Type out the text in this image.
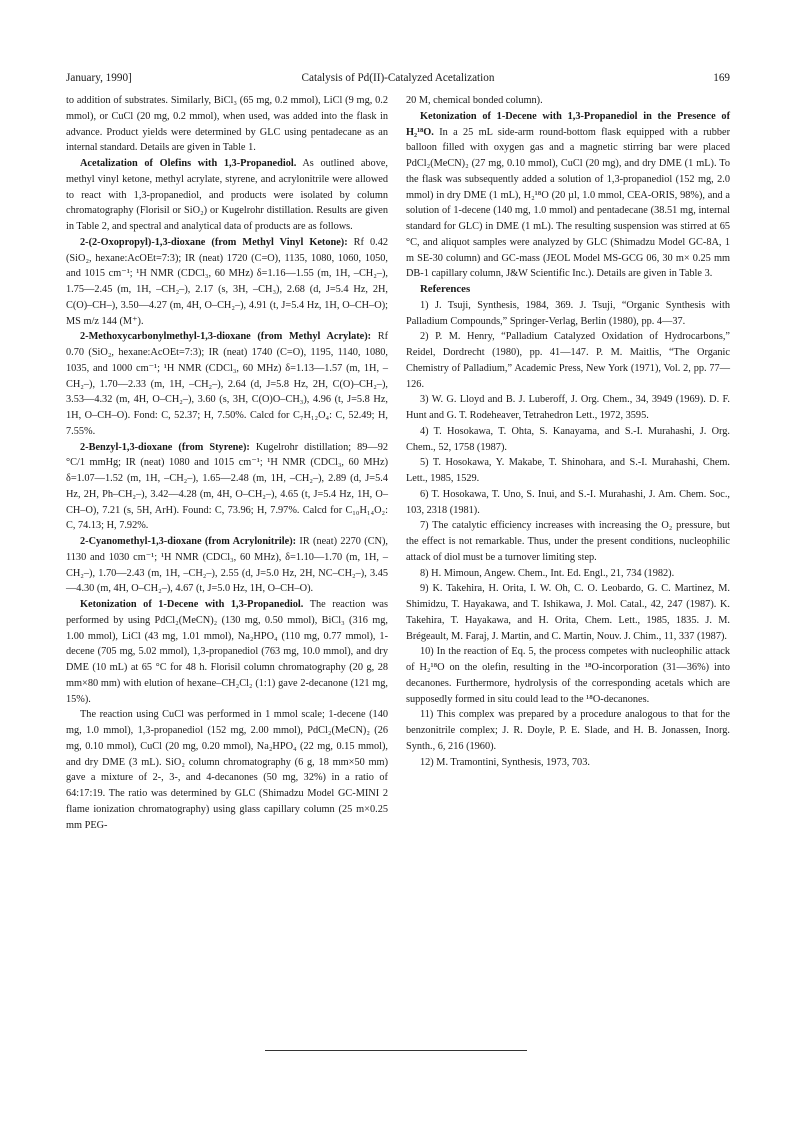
January, 1990]	Catalysis of Pd(II)-Catalyzed Acetalization	169

to addition of substrates. Similarly, BiCl₃ (65 mg, 0.2 mmol), LiCl (9 mg, 0.2 mmol), or CuCl (20 mg, 0.2 mmol), when used, was added into the flask in advance. Product yields were determined by GLC using pentadecane as an internal standard. Details are given in Table 1.

Acetalization of Olefins with 1,3-Propanediol. As outlined above, methyl vinyl ketone, methyl acrylate, styrene, and acrylonitrile were allowed to react with 1,3-propanediol, and products were isolated by column chromatography (Florisil or SiO₂) or Kugelrohr distillation. Results are given in Table 2, and spectral and analytical data of products are as follows.

2-(2-Oxopropyl)-1,3-dioxane (from Methyl Vinyl Ketone): Rf 0.42 (SiO₂, hexane:AcOEt=7:3); IR (neat) 1720 (C=O), 1135, 1080, 1060, 1050, and 1015 cm⁻¹; ¹H NMR (CDCl₃, 60 MHz) δ=1.16—1.55 (m, 1H, –CH₂–), 1.75—2.45 (m, 1H, –CH₂–), 2.17 (s, 3H, –CH₃), 2.68 (d, J=5.4 Hz, 2H, C(O)–CH–), 3.50—4.27 (m, 4H, O–CH₂–), 4.91 (t, J=5.4 Hz, 1H, O–CH–O); MS m/z 144 (M⁺).

2-Methoxycarbonylmethyl-1,3-dioxane (from Methyl Acrylate): Rf 0.70 (SiO₂, hexane:AcOEt=7:3); IR (neat) 1740 (C=O), 1195, 1140, 1080, 1035, and 1000 cm⁻¹; ¹H NMR (CDCl₃, 60 MHz) δ=1.13—1.57 (m, 1H, –CH₂–), 1.70—2.33 (m, 1H, –CH₂–), 2.64 (d, J=5.8 Hz, 2H, C(O)–CH₂–), 3.53—4.32 (m, 4H, O–CH₂–), 3.60 (s, 3H, C(O)O–CH₃), 4.96 (t, J=5.8 Hz, 1H, O–CH–O). Fond: C, 52.37; H, 7.50%. Calcd for C₇H₁₂O₄: C, 52.49; H, 7.55%.

2-Benzyl-1,3-dioxane (from Styrene): Kugelrohr distillation; 89—92 °C/1 mmHg; IR (neat) 1080 and 1015 cm⁻¹; ¹H NMR (CDCl₃, 60 MHz) δ=1.07—1.52 (m, 1H, –CH₂–), 1.65—2.48 (m, 1H, –CH₂–), 2.89 (d, J=5.4 Hz, 2H, Ph–CH₂–), 3.42—4.28 (m, 4H, O–CH₂–), 4.65 (t, J=5.4 Hz, 1H, O–CH–O), 7.21 (s, 5H, ArH). Found: C, 73.96; H, 7.97%. Calcd for C₁₀H₁₄O₂: C, 74.13; H, 7.92%.

2-Cyanomethyl-1,3-dioxane (from Acrylonitrile): IR (neat) 2270 (CN), 1130 and 1030 cm⁻¹; ¹H NMR (CDCl₃, 60 MHz), δ=1.10—1.70 (m, 1H, –CH₂–), 1.70—2.43 (m, 1H, –CH₂–), 2.55 (d, J=5.0 Hz, 2H, NC–CH₂–), 3.45—4.30 (m, 4H, O–CH₂–), 4.67 (t, J=5.0 Hz, 1H, O–CH–O).

Ketonization of 1-Decene with 1,3-Propanediol. The reaction was performed by using PdCl₂(MeCN)₂ (130 mg, 0.50 mmol), BiCl₃ (316 mg, 1.00 mmol), LiCl (43 mg, 1.01 mmol), Na₂HPO₄ (110 mg, 0.77 mmol), 1-decene (705 mg, 5.02 mmol), 1,3-propanediol (763 mg, 10.0 mmol), and dry DME (10 mL) at 65 °C for 48 h. Florisil column chromatography (20 g, 28 mm×80 mm) with elution of hexane–CH₂Cl₂ (1:1) gave 2-decanone (121 mg, 15%).

The reaction using CuCl was performed in 1 mmol scale; 1-decene (140 mg, 1.0 mmol), 1,3-propanediol (152 mg, 2.00 mmol), PdCl₂(MeCN)₂ (26 mg, 0.10 mmol), CuCl (20 mg, 0.20 mmol), Na₂HPO₄ (22 mg, 0.15 mmol), and dry DME (3 mL). SiO₂ column chromatography (6 g, 18 mm×50 mm) gave a mixture of 2-, 3-, and 4-decanones (50 mg, 32%) in a ratio of 64:17:19. The ratio was determined by GLC (Shimadzu Model GC-MINI 2 flame ionization chromatography) using glass capillary column (25 m×0.25 mm PEG-

20 M, chemical bonded column).

Ketonization of 1-Decene with 1,3-Propanediol in the Presence of H₂¹⁸O. In a 25 mL side-arm round-bottom flask equipped with a rubber balloon filled with oxygen gas and a magnetic stirring bar were placed PdCl₂(MeCN)₂ (27 mg, 0.10 mmol), CuCl (20 mg), and dry DME (1 mL). To the flask was subsequently added a solution of 1,3-propanediol (152 mg, 2.0 mmol) in dry DME (1 mL), H₂¹⁸O (20 µl, 1.0 mmol, CEA-ORIS, 98%), and a solution of 1-decene (140 mg, 1.0 mmol) and pentadecane (38.51 mg, internal standard for GLC) in DME (1 mL). The resulting suspension was stirred at 65 °C, and aliquot samples were analyzed by GLC (Shimadzu Model GC-8A, 1 m SE-30 column) and GC-mass (JEOL Model MS-GCG 06, 30 m× 0.25 mm DB-1 capillary column, J&W Scientific Inc.). Details are given in Table 3.

References

1) J. Tsuji, Synthesis, 1984, 369. J. Tsuji, “Organic Synthesis with Palladium Compounds,” Springer-Verlag, Berlin (1980), pp. 4—37.

2) P. M. Henry, “Palladium Catalyzed Oxidation of Hydrocarbons,” Reidel, Dordrecht (1980), pp. 41—147. P. M. Maitlis, “The Organic Chemistry of Palladium,” Academic Press, New York (1971), Vol. 2, pp. 77—126.

3) W. G. Lloyd and B. J. Luberoff, J. Org. Chem., 34, 3949 (1969). D. F. Hunt and G. T. Rodeheaver, Tetrahedron Lett., 1972, 3595.

4) T. Hosokawa, T. Ohta, S. Kanayama, and S.-I. Murahashi, J. Org. Chem., 52, 1758 (1987).

5) T. Hosokawa, Y. Makabe, T. Shinohara, and S.-I. Murahashi, Chem. Lett., 1985, 1529.

6) T. Hosokawa, T. Uno, S. Inui, and S.-I. Murahashi, J. Am. Chem. Soc., 103, 2318 (1981).

7) The catalytic efficiency increases with increasing the O₂ pressure, but the effect is not remarkable. Thus, under the present conditions, nucleophilic attack of diol must be a turnover limiting step.

8) H. Mimoun, Angew. Chem., Int. Ed. Engl., 21, 734 (1982).

9) K. Takehira, H. Orita, I. W. Oh, C. O. Leobardo, G. C. Martinez, M. Shimidzu, T. Hayakawa, and T. Ishikawa, J. Mol. Catal., 42, 247 (1987). K. Takehira, T. Hayakawa, and H. Orita, Chem. Lett., 1985, 1835. J. M. Brégeault, M. Faraj, J. Martin, and C. Martin, Nouv. J. Chim., 11, 337 (1987).

10) In the reaction of Eq. 5, the process competes with nucleophilic attack of H₂¹⁸O on the olefin, resulting in the ¹⁸O-incorporation (31—36%) into decanones. Furthermore, hydrolysis of the corresponding acetals which are supposedly formed in situ could lead to the ¹⁸O-decanones.

11) This complex was prepared by a procedure analogous to that for the benzonitrile complex; J. R. Doyle, P. E. Slade, and H. B. Jonassen, Inorg. Synth., 6, 216 (1960).

12) M. Tramontini, Synthesis, 1973, 703.
